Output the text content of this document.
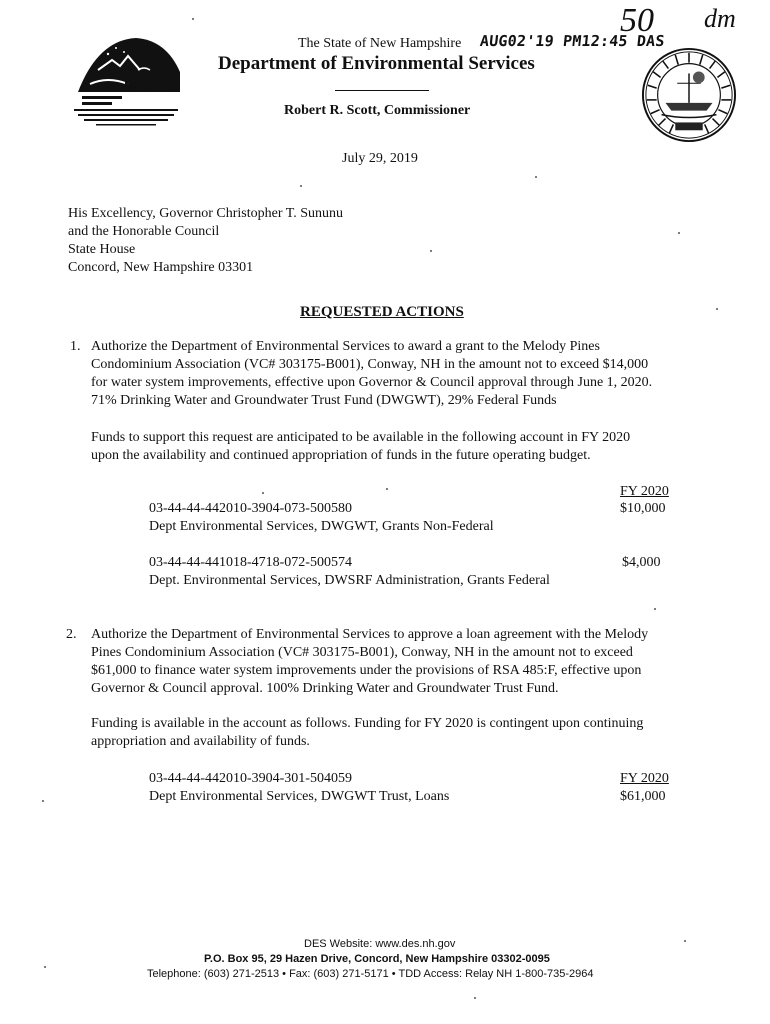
NHDES
The State of New Hampshire AUG02'19 PM12:45 DAS
Department of Environmental Services
Robert R. Scott, Commissioner
50 dm
July 29, 2019
His Excellency, Governor Christopher T. Sununu
and the Honorable Council
State House
Concord, New Hampshire 03301
REQUESTED ACTIONS
1. Authorize the Department of Environmental Services to award a grant to the Melody Pines
Condominium Association (VC# 303175-B001), Conway, NH in the amount not to exceed $14,000
for water system improvements, effective upon Governor & Council approval through June 1, 2020.
71% Drinking Water and Groundwater Trust Fund (DWGWT), 29% Federal Funds
Funds to support this request are anticipated to be available in the following account in FY 2020
upon the availability and continued appropriation of funds in the future operating budget.
FY 2020
03-44-44-442010-3904-073-500580	$10,000
Dept Environmental Services, DWGWT, Grants Non-Federal
03-44-44-441018-4718-072-500574	$4,000
Dept. Environmental Services, DWSRF Administration, Grants Federal
2. Authorize the Department of Environmental Services to approve a loan agreement with the Melody
Pines Condominium Association (VC# 303175-B001), Conway, NH in the amount not to exceed
$61,000 to finance water system improvements under the provisions of RSA 485:F, effective upon
Governor & Council approval. 100% Drinking Water and Groundwater Trust Fund.
Funding is available in the account as follows. Funding for FY 2020 is contingent upon continuing
appropriation and availability of funds.
03-44-44-442010-3904-301-504059	FY 2020
Dept Environmental Services, DWGWT Trust, Loans	$61,000
DES Website: www.des.nh.gov
P.O. Box 95, 29 Hazen Drive, Concord, New Hampshire 03302-0095
Telephone: (603) 271-2513 • Fax: (603) 271-5171 • TDD Access: Relay NH 1-800-735-2964
